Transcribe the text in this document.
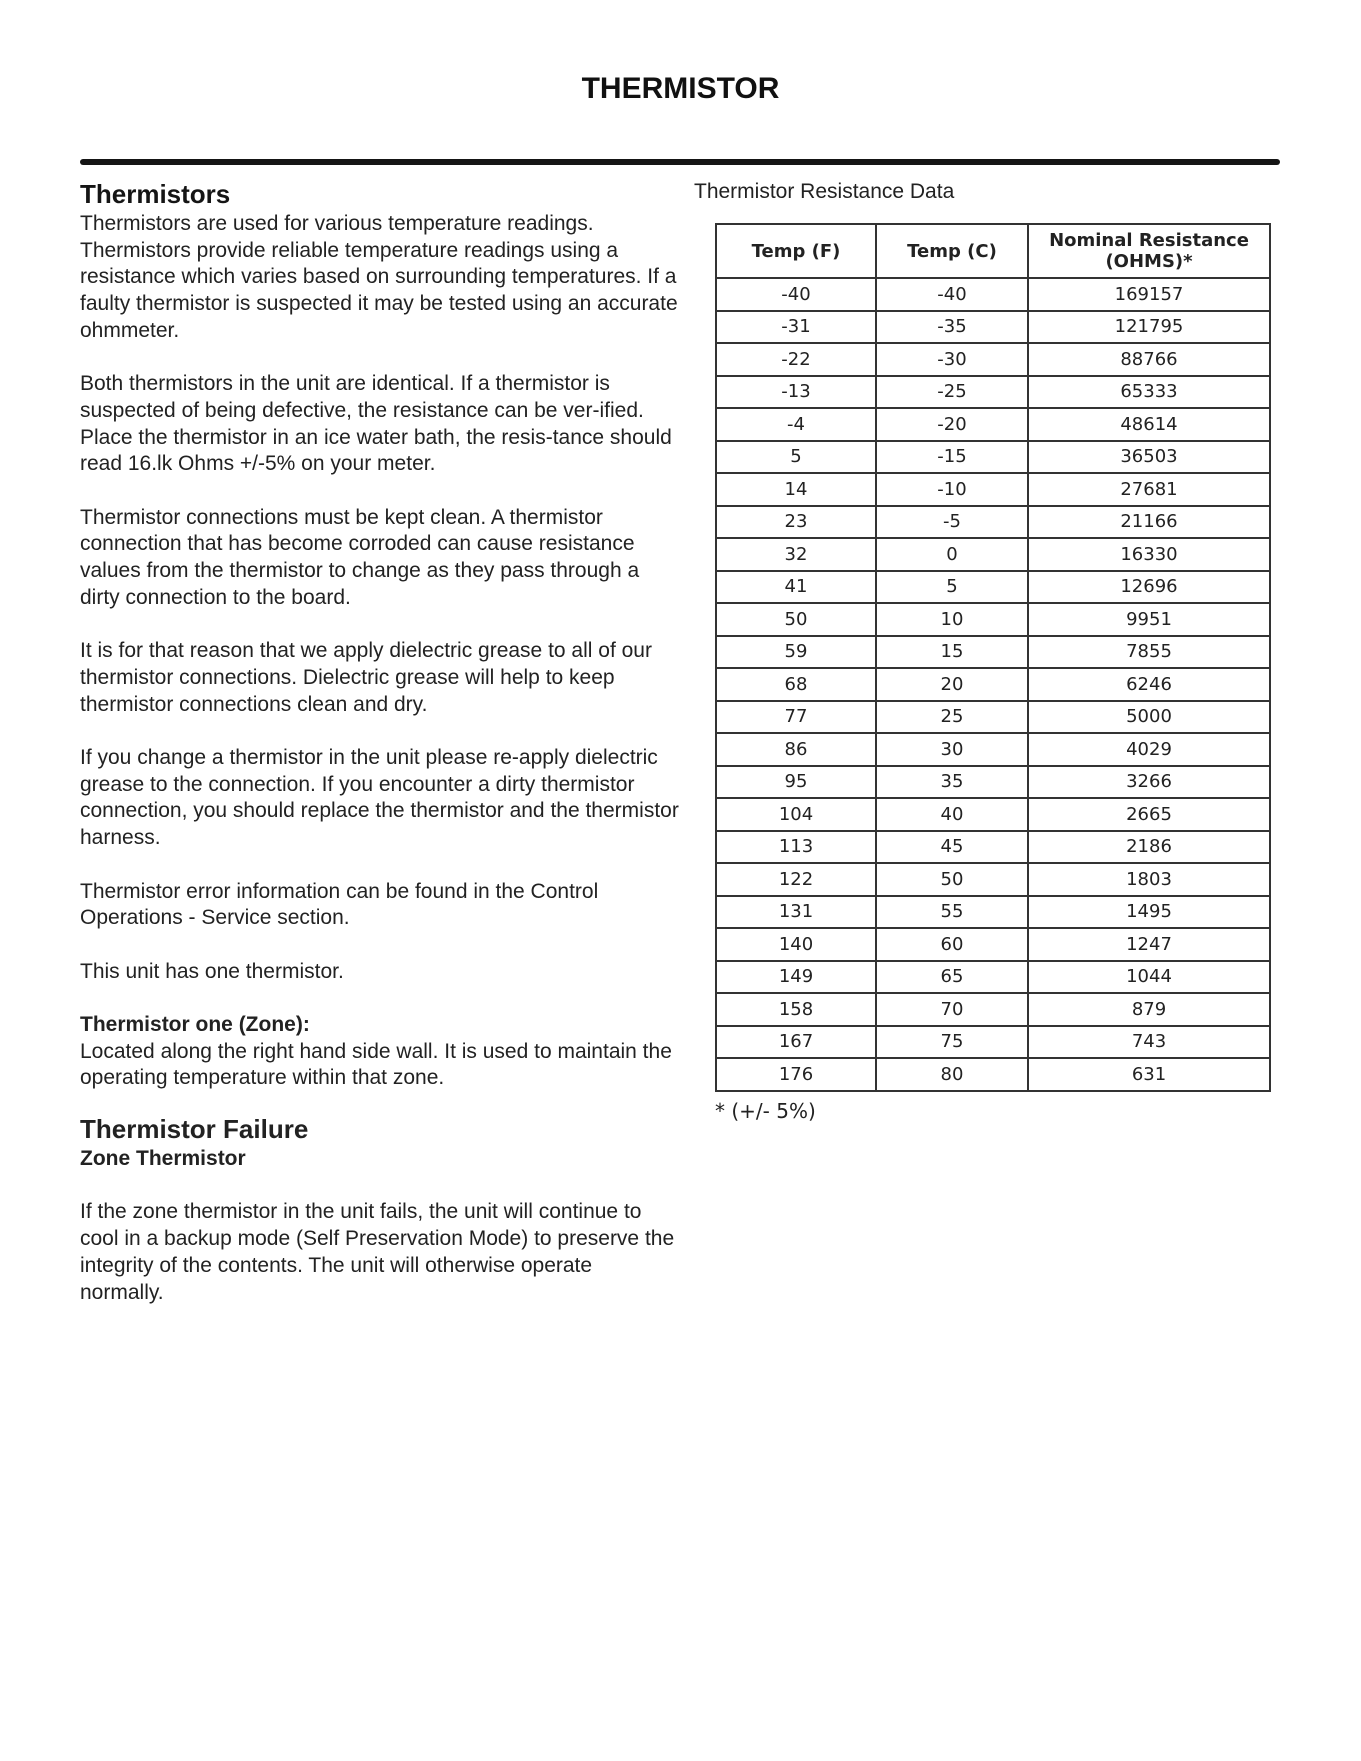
THERMISTOR
Thermistors

Thermistors are used for various temperature readings. Thermistors provide reliable temperature readings using a resistance which varies based on surrounding temperatures. If a faulty thermistor is suspected it may be tested using an accurate ohmmeter.

Both thermistors in the unit are identical. If a thermistor is suspected of being defective, the resistance can be ver-ified. Place the thermistor in an ice water bath, the resis-tance should read 16.lk Ohms +/-5% on your meter.

Thermistor connections must be kept clean. A thermistor connection that has become corroded can cause resistance values from the thermistor to change as they pass through a dirty connection to the board.

It is for that reason that we apply dielectric grease to all of our thermistor connections. Dielectric grease will help to keep thermistor connections clean and dry.

If you change a thermistor in the unit please re-apply dielectric grease to the connection. If you encounter a dirty thermistor connection, you should replace the thermistor and the thermistor harness.

Thermistor error information can be found in the Control Operations - Service section.

This unit has one thermistor.

Thermistor one (Zone):

Located along the right hand side wall. It is used to maintain the operating temperature within that zone.

Thermistor Failure

Zone Thermistor

If the zone thermistor in the unit fails, the unit will continue to cool in a backup mode (Self Preservation Mode) to preserve the integrity of the contents. The unit will otherwise operate normally.

Thermistor Resistance Data
Temp (F)	Temp (C)	Nominal Resistance (OHMS)*
-40	-40	169157
-31	-35	121795
-22	-30	88766
-13	-25	65333
-4	-20	48614
5	-15	36503
14	-10	27681
23	-5	21166
32	0	16330
41	5	12696
50	10	9951
59	15	7855
68	20	6246
77	25	5000
86	30	4029
95	35	3266
104	40	2665
113	45	2186
122	50	1803
131	55	1495
140	60	1247
149	65	1044
158	70	879
167	75	743
176	80	631
* (+/- 5%)
